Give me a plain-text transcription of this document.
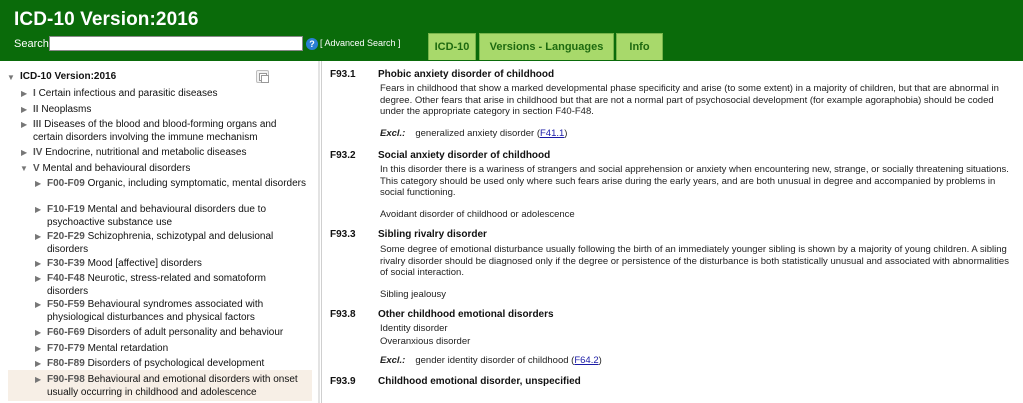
ICD-10 Version:2016
Search	? [ Advanced Search ]	ICD-10	Versions - Languages	Info
▼ ICD-10 Version:2016
▶ I Certain infectious and parasitic diseases
▶ II Neoplasms
▶ III Diseases of the blood and blood-forming organs and
certain disorders involving the immune mechanism
▶ IV Endocrine, nutritional and metabolic diseases
▼ V Mental and behavioural disorders
▶ F00-F09 Organic, including symptomatic, mental disorders
▶ F10-F19 Mental and behavioural disorders due to
psychoactive substance use
▶ F20-F29 Schizophrenia, schizotypal and delusional
disorders
▶ F30-F39 Mood [affective] disorders
▶ F40-F48 Neurotic, stress-related and somatoform
disorders
▶ F50-F59 Behavioural syndromes associated with
physiological disturbances and physical factors
▶ F60-F69 Disorders of adult personality and behaviour
▶ F70-F79 Mental retardation
▶ F80-F89 Disorders of psychological development
▶ F90-F98 Behavioural and emotional disorders with onset
usually occurring in childhood and adolescence
F93.1 Phobic anxiety disorder of childhood
Fears in childhood that show a marked developmental phase specificity and arise (to some extent) in a majority of children, but that are abnormal in degree. Other fears that arise in childhood but that are not a normal part of psychosocial development (for example agoraphobia) should be coded under the appropriate category in section F40-F48.
Excl.: generalized anxiety disorder (F41.1)
F93.2 Social anxiety disorder of childhood
In this disorder there is a wariness of strangers and social apprehension or anxiety when encountering new, strange, or socially threatening situations. This category should be used only where such fears arise during the early years, and are both unusual in degree and accompanied by problems in social functioning.
Avoidant disorder of childhood or adolescence
F93.3 Sibling rivalry disorder
Some degree of emotional disturbance usually following the birth of an immediately younger sibling is shown by a majority of young children. A sibling rivalry disorder should be diagnosed only if the degree or persistence of the disturbance is both statistically unusual and associated with abnormalities of social interaction.
Sibling jealousy
F93.8 Other childhood emotional disorders
Identity disorder
Overanxious disorder
Excl.: gender identity disorder of childhood (F64.2)
F93.9 Childhood emotional disorder, unspecified
